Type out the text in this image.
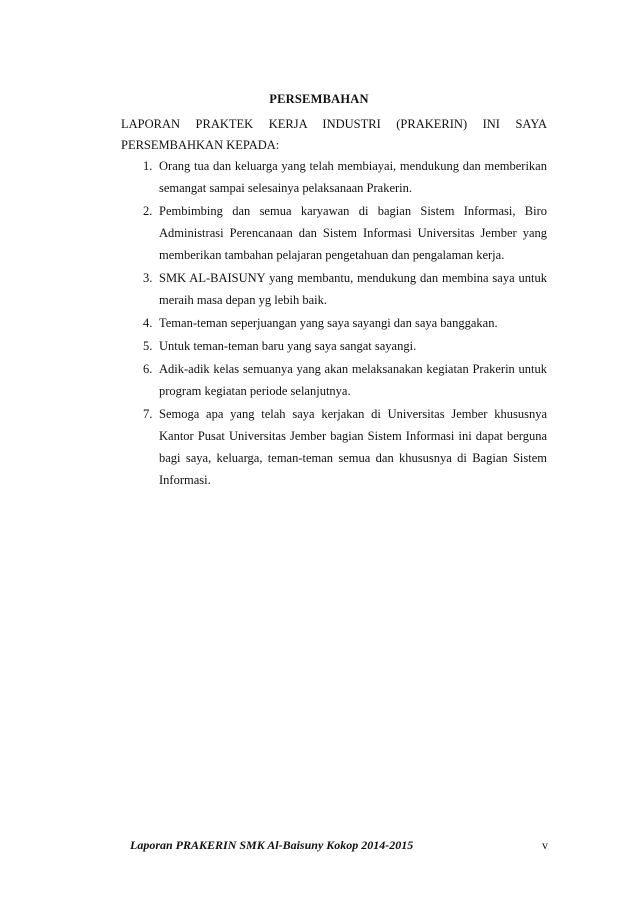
PERSEMBAHAN

LAPORAN PRAKTEK KERJA INDUSTRI (PRAKERIN) INI SAYA
PERSEMBAHKAN KEPADA:

1. Orang tua dan keluarga yang telah membiayai, mendukung dan memberikan semangat sampai selesainya pelaksanaan Prakerin.
2. Pembimbing dan semua karyawan di bagian Sistem Informasi, Biro Administrasi Perencanaan dan Sistem Informasi Universitas Jember yang memberikan tambahan pelajaran pengetahuan dan pengalaman kerja.
3. SMK AL-BAISUNY yang membantu, mendukung dan membina saya untuk meraih masa depan yg lebih baik.
4. Teman-teman seperjuangan yang saya sayangi dan saya banggakan.
5. Untuk teman-teman baru yang saya sangat sayangi.
6. Adik-adik kelas semuanya yang akan melaksanakan kegiatan Prakerin untuk program kegiatan periode selanjutnya.
7. Semoga apa yang telah saya kerjakan di Universitas Jember khususnya Kantor Pusat Universitas Jember bagian Sistem Informasi ini dapat berguna bagi saya, keluarga, teman-teman semua dan khususnya di Bagian Sistem Informasi.
Laporan PRAKERIN SMK Al-Baisuny Kokop 2014-2015	v
